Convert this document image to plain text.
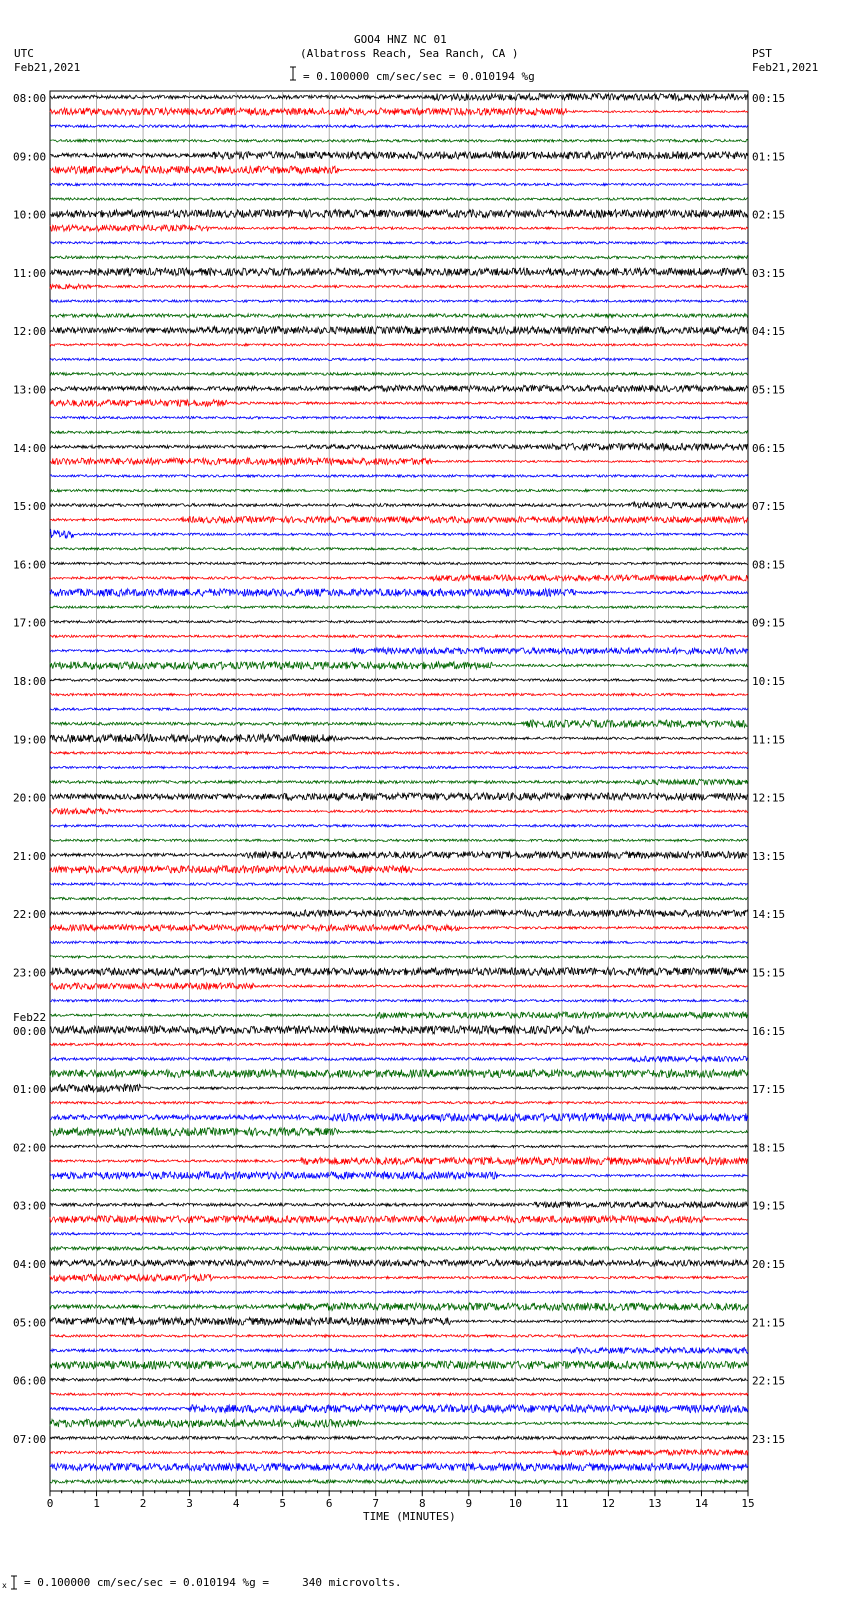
0	1	2	3	4	5	6	7	8	9	10	11	12	13	14	15
08:00
09:00
10:00
11:00
12:00
13:00
14:00
15:00
16:00
17:00
18:00
19:00
20:00
21:00
22:00
23:00
00:00
01:00
02:00
03:00
04:00
05:00
06:00
07:00
00:15
01:15
02:15
03:15
04:15
05:15
06:15
07:15
08:15
09:15
10:15
11:15
12:15
13:15
14:15
15:15
16:15
17:15
18:15
19:15
20:15
21:15
22:15
23:15
x
GOO4 HNZ NC 01
(Albatross Reach, Sea Ranch, CA )
= 0.100000 cm/sec/sec = 0.010194 %g
UTC
Feb21,2021
PST
Feb21,2021
TIME (MINUTES)
= 0.100000 cm/sec/sec = 0.010194 %g =     340 microvolts.
Feb22
